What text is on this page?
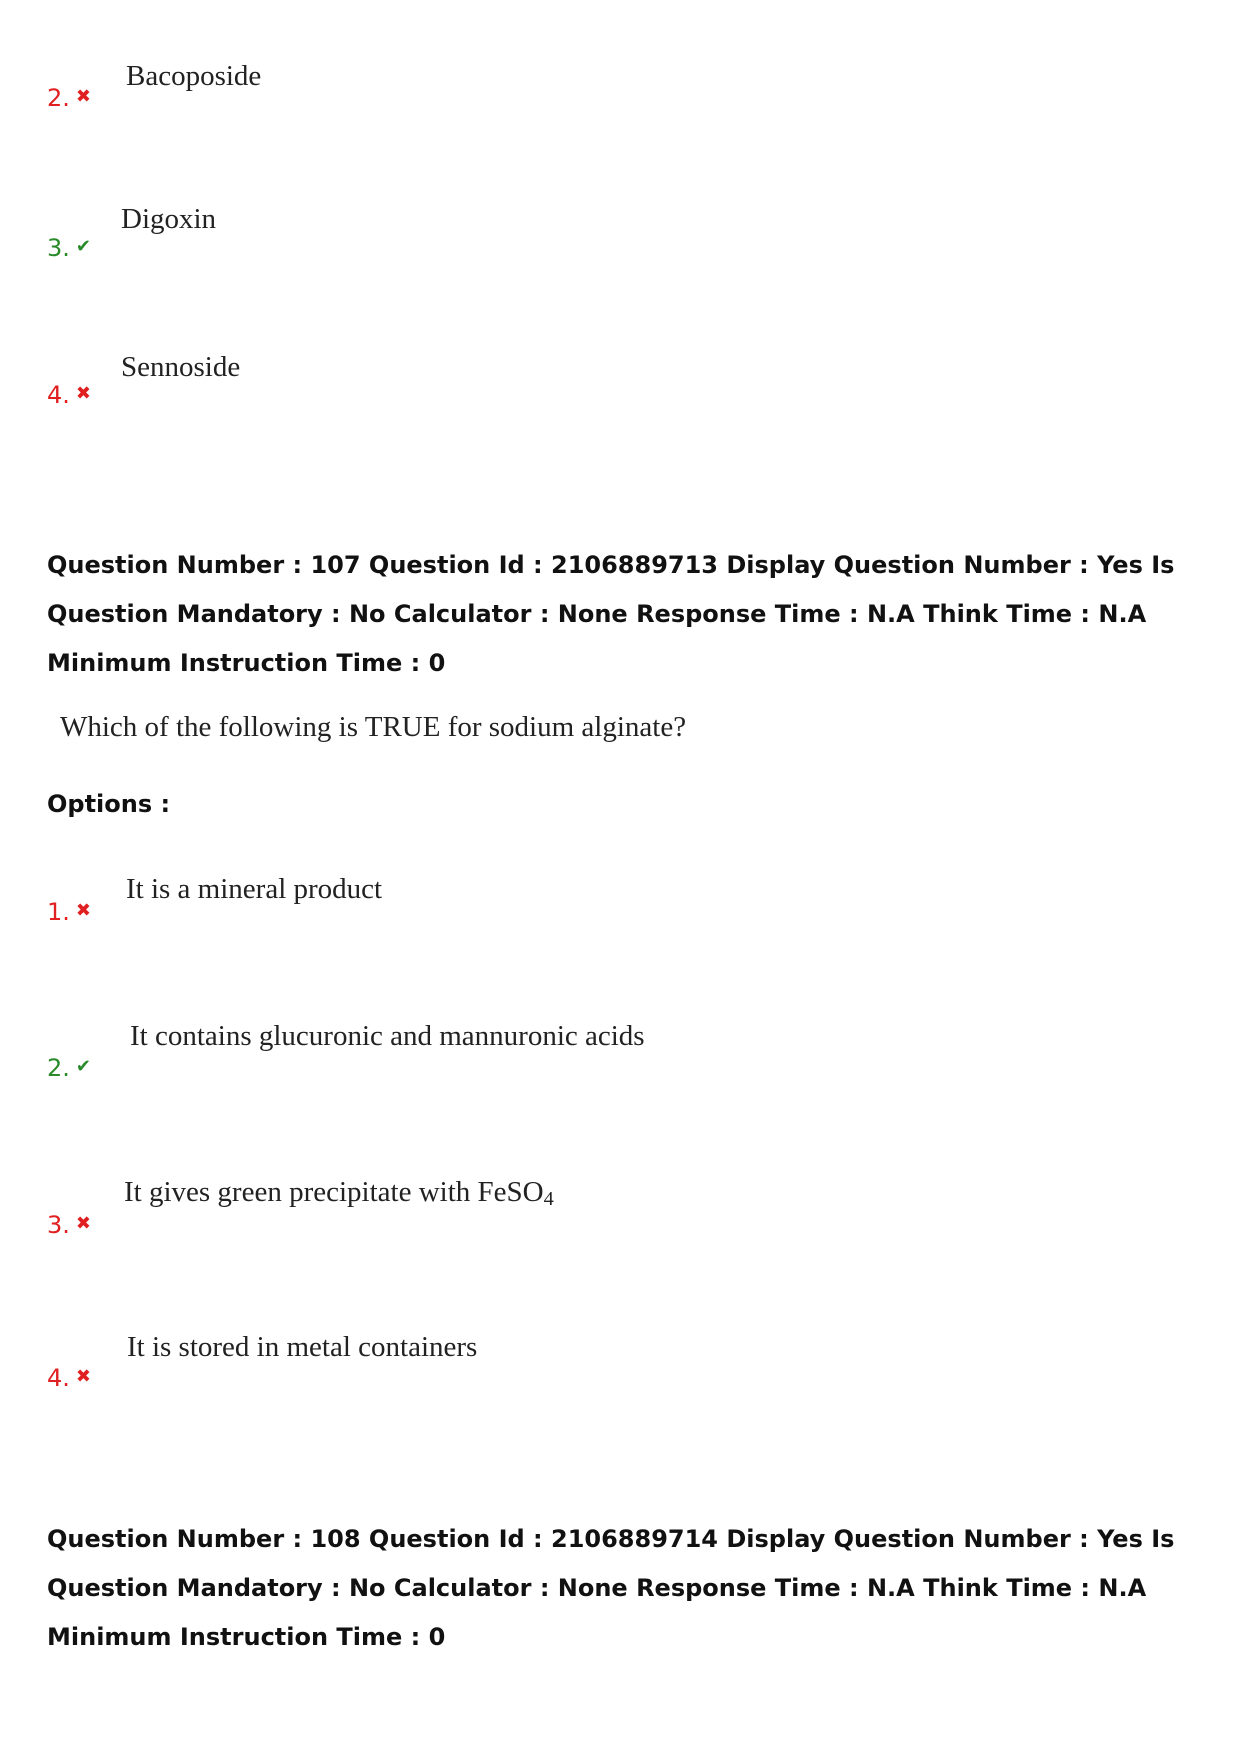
2. ✖
Bacoposide
3. ✔
Digoxin
4. ✖
Sennoside
Question Number : 107 Question Id : 2106889713 Display Question Number : Yes Is Question Mandatory : No Calculator : None Response Time : N.A Think Time : N.A Minimum Instruction Time : 0
Which of the following is TRUE for sodium alginate?
Options :
1. ✖
It is a mineral product
2. ✔
It contains glucuronic and mannuronic acids
3. ✖
It gives green precipitate with FeSO$_4$
4. ✖
It is stored in metal containers
Question Number : 108 Question Id : 2106889714 Display Question Number : Yes Is Question Mandatory : No Calculator : None Response Time : N.A Think Time : N.A Minimum Instruction Time : 0
